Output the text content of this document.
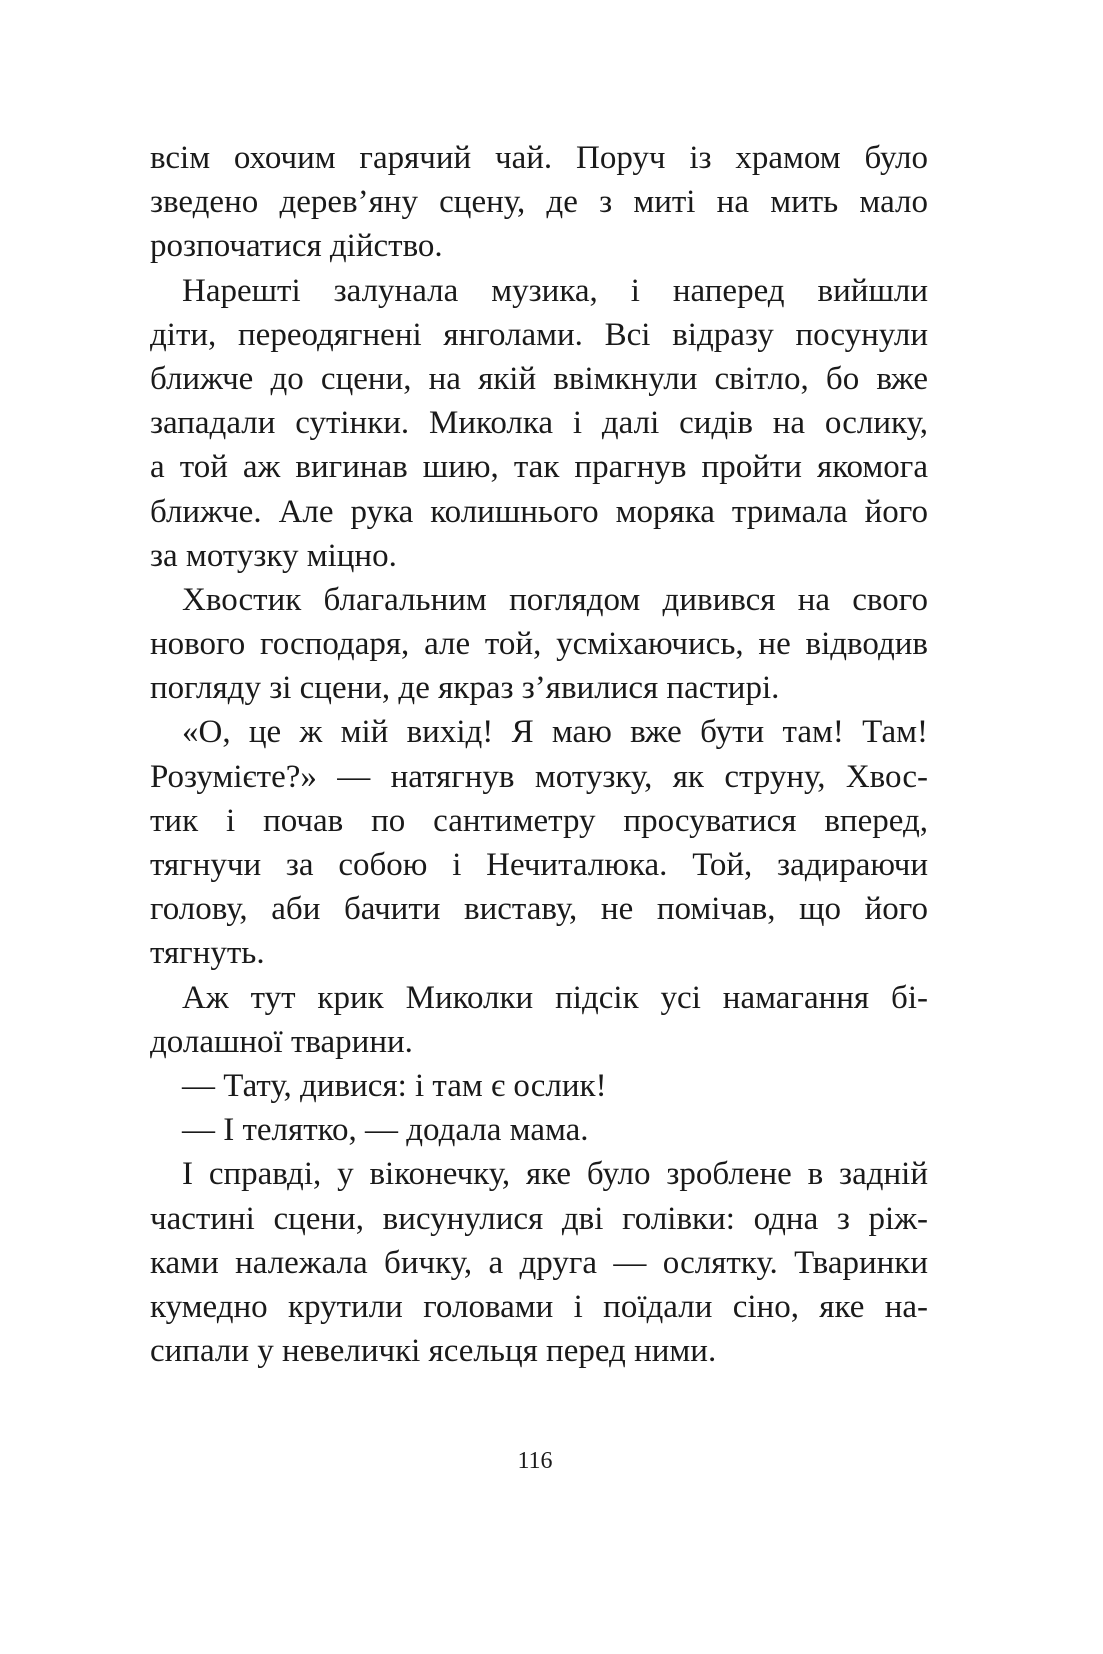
всім охочим гарячий чай. Поруч із храмом було
зведено дерев’яну сцену, де з миті на мить мало
розпочатися дійство.
Нарешті залунала музика, і наперед вийшли
діти, переодягнені янголами. Всі відразу посунули
ближче до сцени, на якій ввімкнули світло, бо вже
западали сутінки. Миколка і далі сидів на ослику,
а той аж вигинав шию, так прагнув пройти якомога
ближче. Але рука колишнього моряка тримала його
за мотузку міцно.
Хвостик благальним поглядом дивився на свого
нового господаря, але той, усміхаючись, не відводив
погляду зі сцени, де якраз з’явилися пастирі.
«О, це ж мій вихід! Я маю вже бути там! Там!
Розумієте?» — натягнув мотузку, як струну, Хвос-
тик і почав по сантиметру просуватися вперед,
тягнучи за собою і Нечиталюка. Той, задираючи
голову, аби бачити виставу, не помічав, що його
тягнуть.
Аж тут крик Миколки підсік усі намагання бі-
долашної тварини.
— Тату, дивися: і там є ослик!
— І телятко, — додала мама.
І справді, у віконечку, яке було зроблене в задній
частині сцени, висунулися дві голівки: одна з ріж-
ками належала бичку, а друга — ослятку. Тваринки
кумедно крутили головами і поїдали сіно, яке на-
сипали у невеличкі ясельця перед ними.
116
